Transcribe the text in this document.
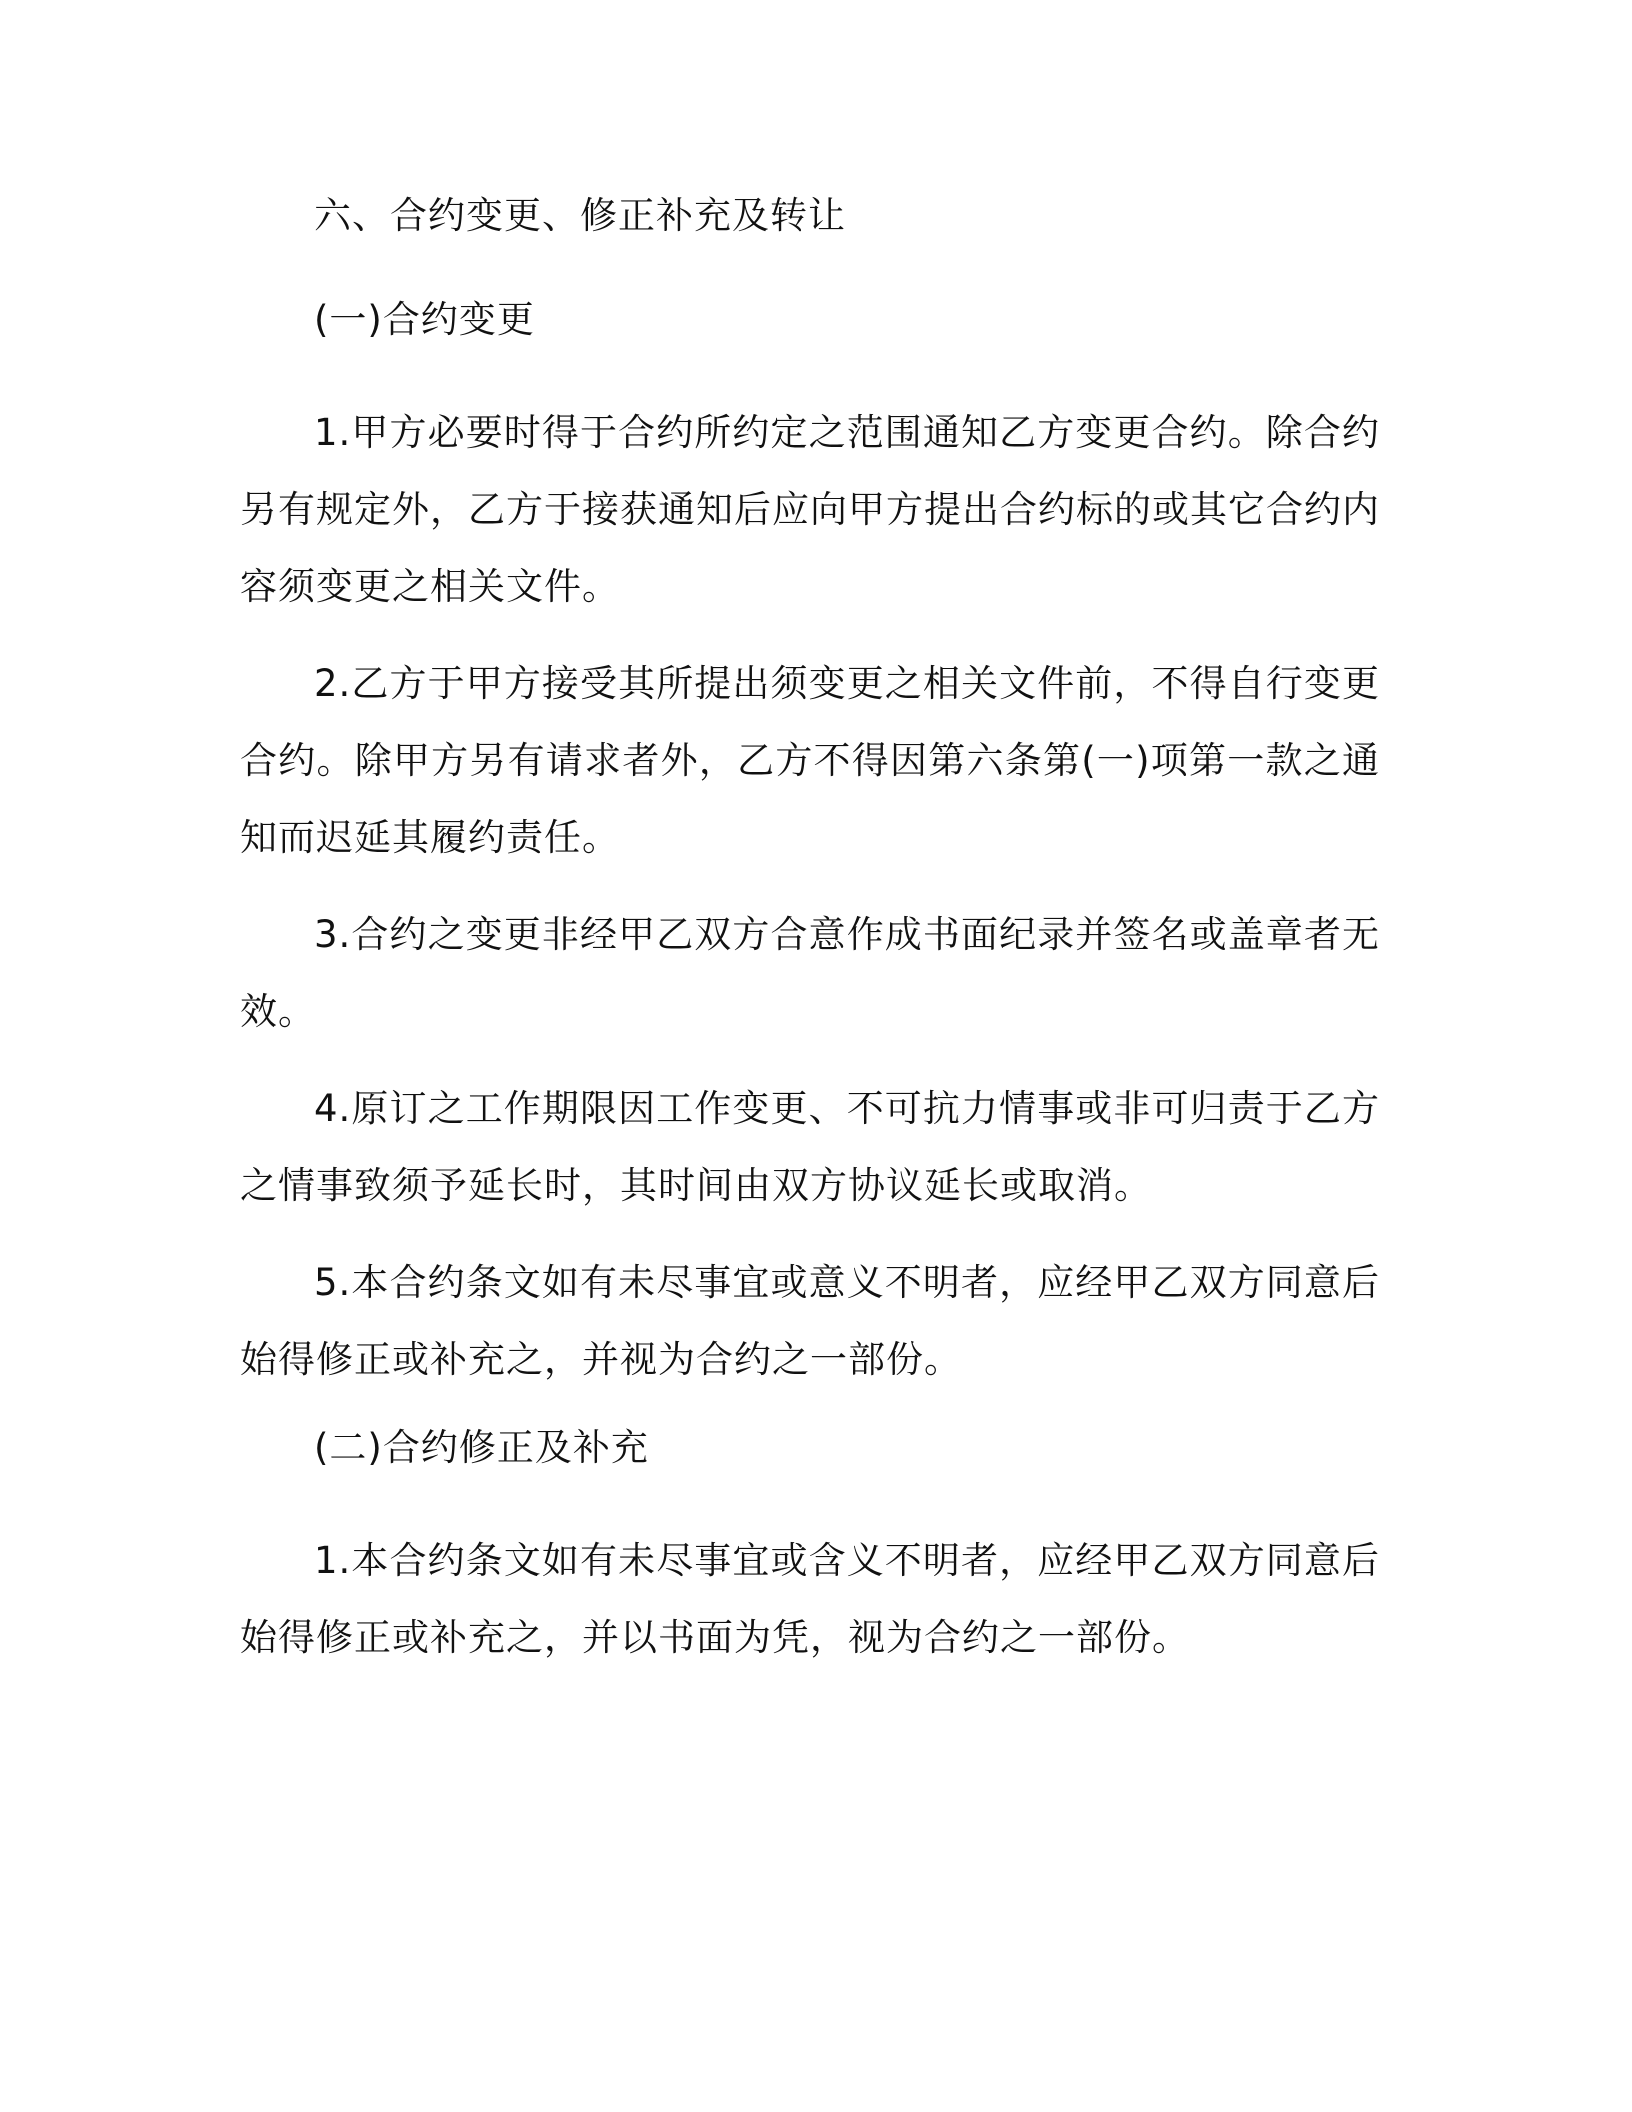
六、合约变更、修正补充及转让

(一)合约变更

1.甲方必要时得于合约所约定之范围通知乙方变更合约。除合约另有规定外，乙方于接获通知后应向甲方提出合约标的或其它合约内容须变更之相关文件。

2.乙方于甲方接受其所提出须变更之相关文件前，不得自行变更合约。除甲方另有请求者外，乙方不得因第六条第(一)项第一款之通知而迟延其履约责任。

3.合约之变更非经甲乙双方合意作成书面纪录并签名或盖章者无效。

4.原订之工作期限因工作变更、不可抗力情事或非可归责于乙方之情事致须予延长时，其时间由双方协议延长或取消。

5.本合约条文如有未尽事宜或意义不明者，应经甲乙双方同意后始得修正或补充之，并视为合约之一部份。

(二)合约修正及补充

1.本合约条文如有未尽事宜或含义不明者，应经甲乙双方同意后始得修正或补充之，并以书面为凭，视为合约之一部份。
